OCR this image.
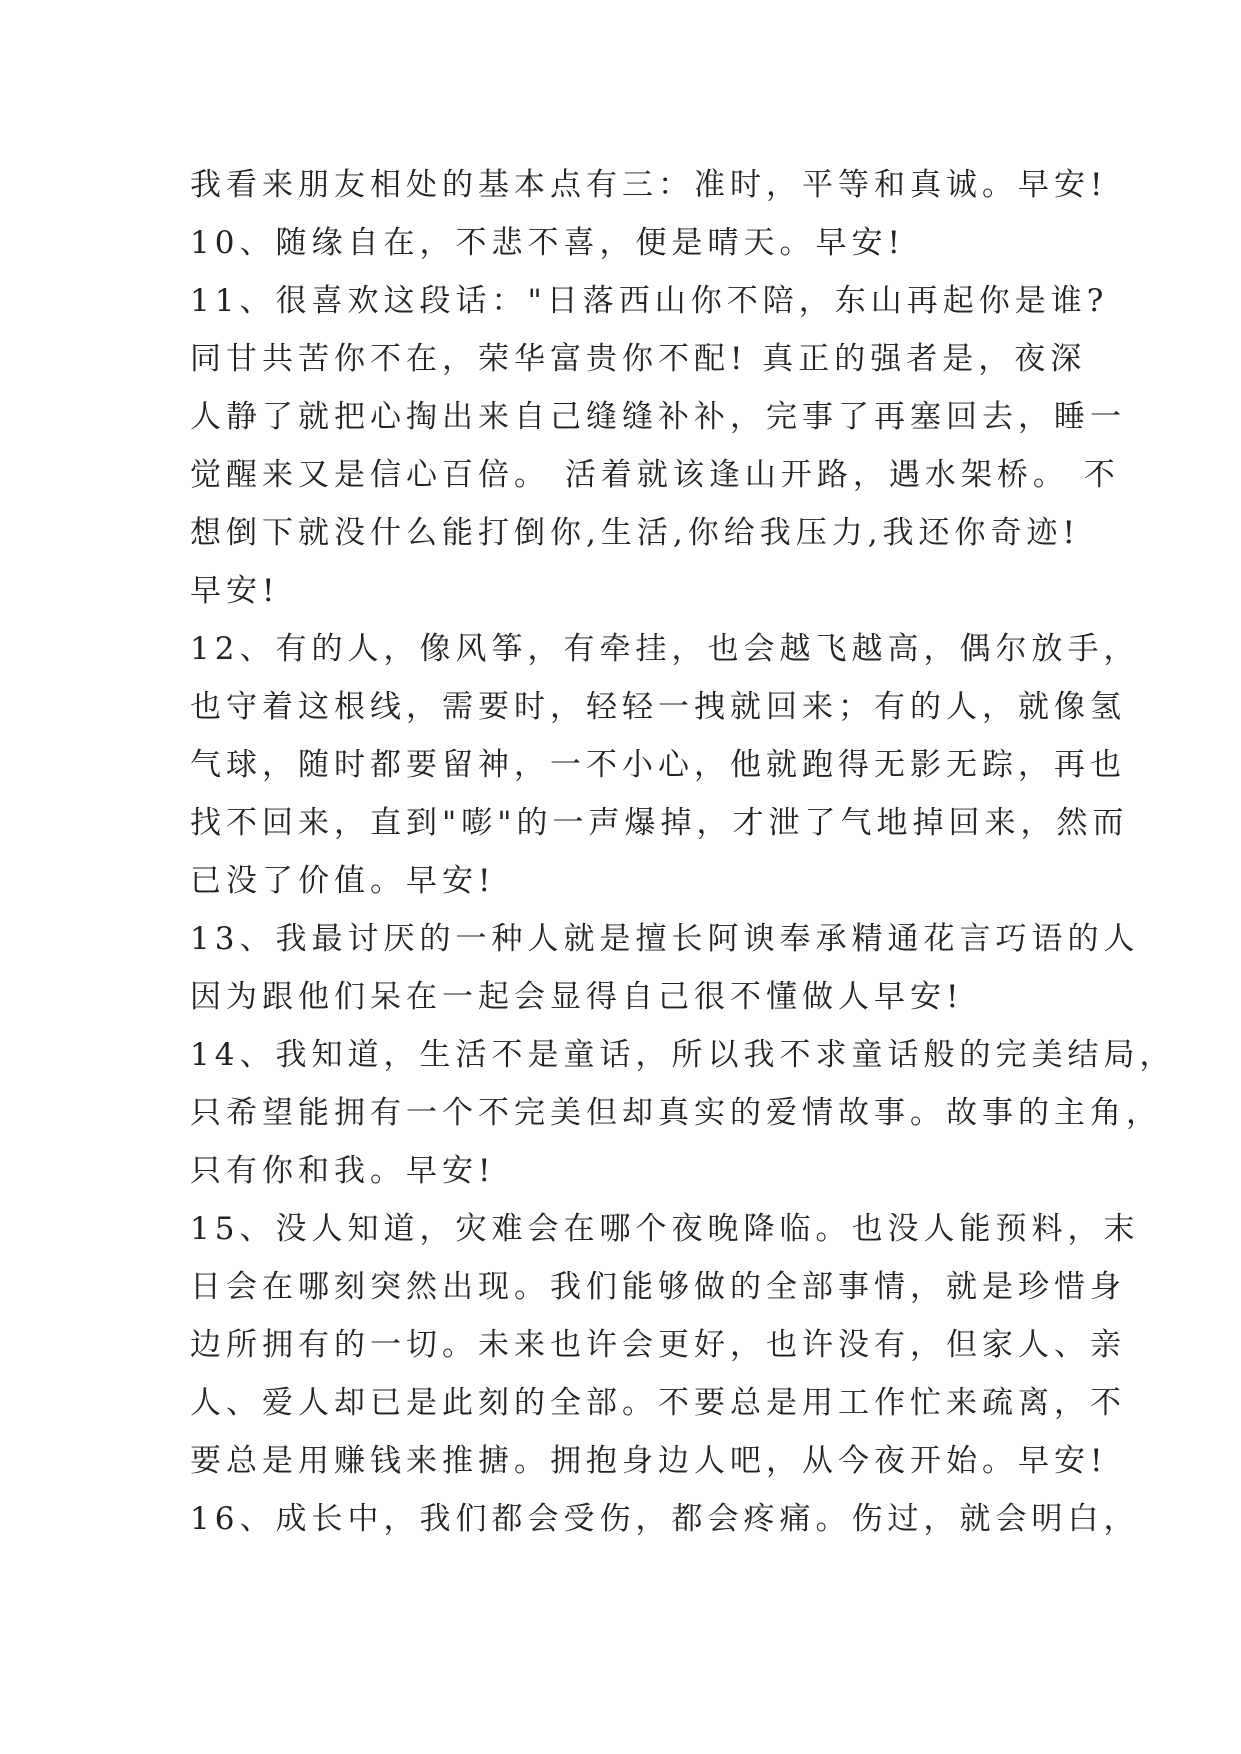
我看来朋友相处的基本点有三：准时，平等和真诚。早安!
10、随缘自在，不悲不喜，便是晴天。早安!
11、很喜欢这段话："日落西山你不陪，东山再起你是谁?
同甘共苦你不在，荣华富贵你不配! 真正的强者是，夜深
人静了就把心掏出来自己缝缝补补，完事了再塞回去，睡一
觉醒来又是信心百倍。 活着就该逢山开路，遇水架桥。 不
想倒下就没什么能打倒你,生活,你给我压力,我还你奇迹!
早安!
12、有的人，像风筝，有牵挂，也会越飞越高，偶尔放手，
也守着这根线，需要时，轻轻一拽就回来；有的人，就像氢
气球，随时都要留神，一不小心，他就跑得无影无踪，再也
找不回来，直到"嘭"的一声爆掉，才泄了气地掉回来，然而
已没了价值。早安!
13、我最讨厌的一种人就是擅长阿谀奉承精通花言巧语的人
因为跟他们呆在一起会显得自己很不懂做人早安!
14、我知道，生活不是童话，所以我不求童话般的完美结局，
只希望能拥有一个不完美但却真实的爱情故事。故事的主角，
只有你和我。早安!
15、没人知道，灾难会在哪个夜晚降临。也没人能预料，末
日会在哪刻突然出现。我们能够做的全部事情，就是珍惜身
边所拥有的一切。未来也许会更好，也许没有，但家人、亲
人、爱人却已是此刻的全部。不要总是用工作忙来疏离，不
要总是用赚钱来推搪。拥抱身边人吧，从今夜开始。早安!
16、成长中，我们都会受伤，都会疼痛。伤过，就会明白，
